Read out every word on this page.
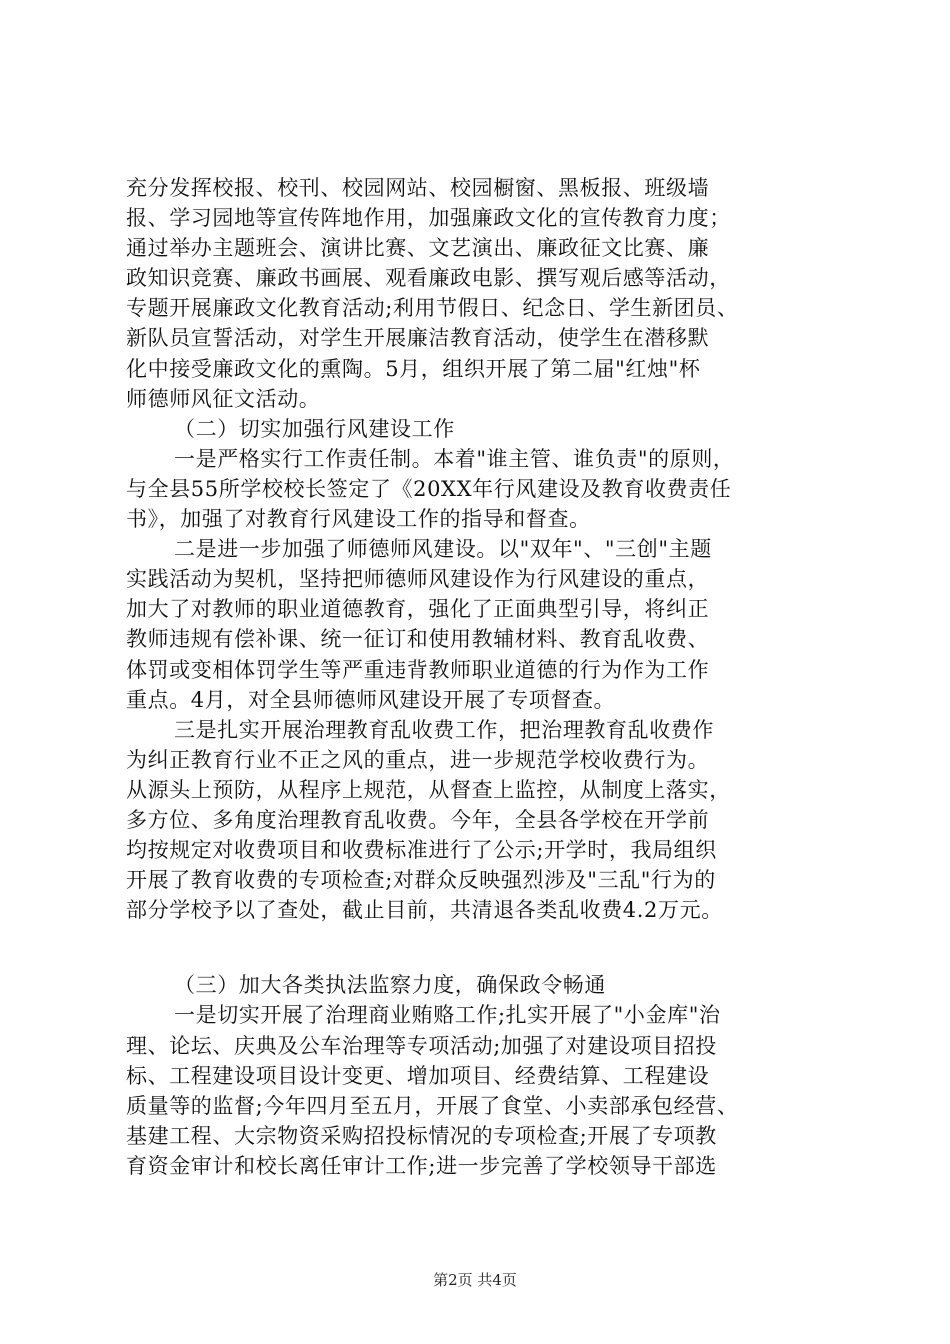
充分发挥校报、校刊、校园网站、校园橱窗、黑板报、班级墙
报、学习园地等宣传阵地作用，加强廉政文化的宣传教育力度；
通过举办主题班会、演讲比赛、文艺演出、廉政征文比赛、廉
政知识竞赛、廉政书画展、观看廉政电影、撰写观后感等活动，
专题开展廉政文化教育活动;利用节假日、纪念日、学生新团员、
新队员宣誓活动，对学生开展廉洁教育活动，使学生在潜移默
化中接受廉政文化的熏陶。5月，组织开展了第二届"红烛"杯
师德师风征文活动。
（二）切实加强行风建设工作
一是严格实行工作责任制。本着"谁主管、谁负责"的原则，
与全县55所学校校长签定了《20XX年行风建设及教育收费责任
书》，加强了对教育行风建设工作的指导和督查。
二是进一步加强了师德师风建设。以"双年"、"三创"主题
实践活动为契机，坚持把师德师风建设作为行风建设的重点，
加大了对教师的职业道德教育，强化了正面典型引导，将纠正
教师违规有偿补课、统一征订和使用教辅材料、教育乱收费、
体罚或变相体罚学生等严重违背教师职业道德的行为作为工作
重点。4月，对全县师德师风建设开展了专项督查。
三是扎实开展治理教育乱收费工作，把治理教育乱收费作
为纠正教育行业不正之风的重点，进一步规范学校收费行为。
从源头上预防，从程序上规范，从督查上监控，从制度上落实，
多方位、多角度治理教育乱收费。今年，全县各学校在开学前
均按规定对收费项目和收费标准进行了公示;开学时，我局组织
开展了教育收费的专项检查;对群众反映强烈涉及"三乱"行为的
部分学校予以了查处，截止目前，共清退各类乱收费4.2万元。
（三）加大各类执法监察力度，确保政令畅通
一是切实开展了治理商业贿赂工作;扎实开展了"小金库"治
理、论坛、庆典及公车治理等专项活动;加强了对建设项目招投
标、工程建设项目设计变更、增加项目、经费结算、工程建设
质量等的监督;今年四月至五月，开展了食堂、小卖部承包经营、
基建工程、大宗物资采购招投标情况的专项检查;开展了专项教
育资金审计和校长离任审计工作;进一步完善了学校领导干部选
第2页 共4页
